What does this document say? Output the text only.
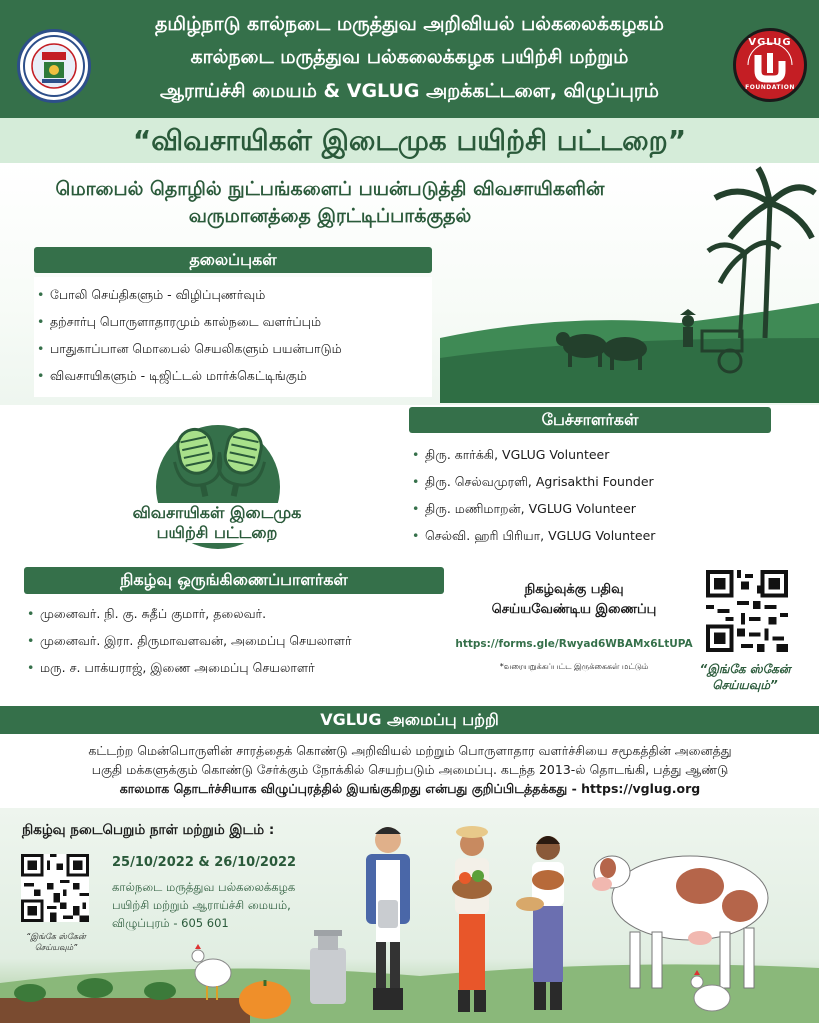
தமிழ்நாடு கால்நடை மருத்துவ அறிவியல் பல்கலைக்கழகம்
கால்நடை மருத்துவ பல்கலைக்கழக பயிற்சி மற்றும்
ஆராய்ச்சி மையம் & VGLUG அறக்கட்டளை, விழுப்புரம்
VGLUG
FOUNDATION
“விவசாயிகள் இடைமுக பயிற்சி பட்டறை”
மொபைல் தொழில் நுட்பங்களைப் பயன்படுத்தி விவசாயிகளின்
வருமானத்தை இரட்டிப்பாக்குதல்
தலைப்புகள்
• போலி செய்திகளும் - விழிப்புணர்வும்
• தற்சார்பு பொருளாதாரமும் கால்நடை வளர்ப்பும்
• பாதுகாப்பான மொபைல் செயலிகளும் பயன்பாடும்
• விவசாயிகளும் - டிஜிட்டல் மார்க்கெட்டிங்கும்
விவசாயிகள் இடைமுக
பயிற்சி பட்டறை
பேச்சாளர்கள்
• திரு. கார்க்கி, VGLUG Volunteer
• திரு. செல்வமுரளி, Agrisakthi Founder
• திரு. மணிமாறன், VGLUG Volunteer
• செல்வி. ஹரி பிரியா, VGLUG Volunteer
நிகழ்வு ஒருங்கிணைப்பாளர்கள்
• முனைவர். நி. கு. சுதீப் குமார், தலைவர்.
• முனைவர். இரா. திருமாவளவன், அமைப்பு செயலாளர்
• மரு. ச. பாக்யராஜ், இணை அமைப்பு செயலாளர்
நிகழ்வுக்கு பதிவு
செய்யவேண்டிய இணைப்பு
https://forms.gle/Rwyad6WBAMx6LtUPA
*வரையறுக்கப்பட்ட இருக்கைகள் மட்டும்	“இங்கே ஸ்கேன்
செய்யவும்”
VGLUG அமைப்பு பற்றி
கட்டற்ற மென்பொருளின் சாரத்தைக் கொண்டு அறிவியல் மற்றும் பொருளாதார வளர்ச்சியை சமூகத்தின் அனைத்து
பகுதி மக்களுக்கும் கொண்டு சேர்க்கும் நோக்கில் செயற்படும் அமைப்பு. கடந்த 2013-ல் தொடங்கி, பத்து ஆண்டு
காலமாக தொடர்ச்சியாக விழுப்புரத்தில் இயங்குகிறது என்பது குறிப்பிடத்தக்கது - https://vglug.org
நிகழ்வு நடைபெறும் நாள் மற்றும் இடம் :
“இங்கே ஸ்கேன்
செய்யவும்”
25/10/2022 & 26/10/2022
கால்நடை மருத்துவ பல்கலைக்கழக
பயிற்சி மற்றும் ஆராய்ச்சி மையம்,
விழுப்புரம் - 605 601
